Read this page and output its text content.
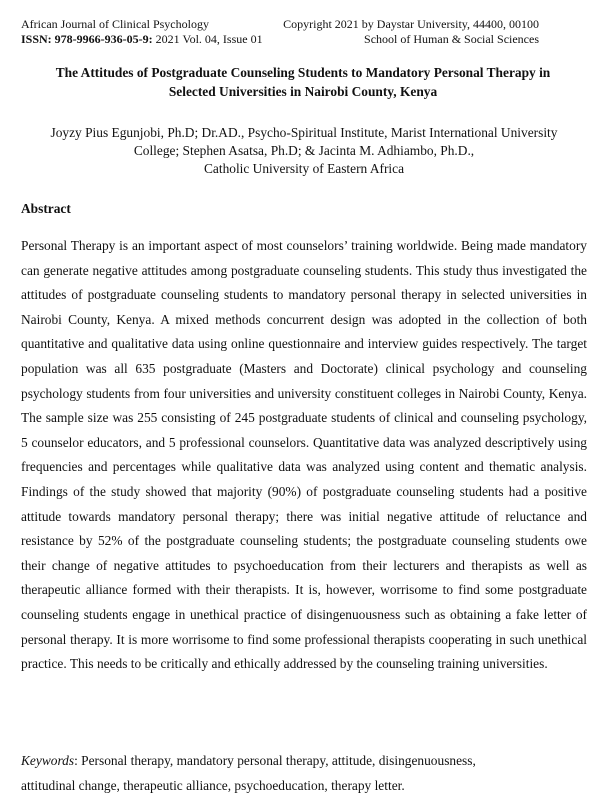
African Journal of Clinical Psychology	Copyright 2021 by Daystar University, 44400, 00100
ISSN: 978-9966-936-05-9: 2021 Vol. 04, Issue 01	School of Human & Social Sciences
The Attitudes of Postgraduate Counseling Students to Mandatory Personal Therapy in
Selected Universities in Nairobi County, Kenya
Joyzy Pius Egunjobi, Ph.D; Dr.AD., Psycho-Spiritual Institute, Marist International University
College; Stephen Asatsa, Ph.D; & Jacinta M. Adhiambo, Ph.D.,
Catholic University of Eastern Africa
Abstract

Personal Therapy is an important aspect of most counselors’ training worldwide. Being made mandatory can generate negative attitudes among postgraduate counseling students. This study thus investigated the attitudes of postgraduate counseling students to mandatory personal therapy in selected universities in Nairobi County, Kenya. A mixed methods concurrent design was adopted in the collection of both quantitative and qualitative data using online questionnaire and interview guides respectively. The target population was all 635 postgraduate (Masters and Doctorate) clinical psychology and counseling psychology students from four universities and university constituent colleges in Nairobi County, Kenya. The sample size was 255 consisting of 245 postgraduate students of clinical and counseling psychology, 5 counselor educators, and 5 professional counselors. Quantitative data was analyzed descriptively using frequencies and percentages while qualitative data was analyzed using content and thematic analysis. Findings of the study showed that majority (90%) of postgraduate counseling students had a positive attitude towards mandatory personal therapy; there was initial negative attitude of reluctance and resistance by 52% of the postgraduate counseling students; the postgraduate counseling students owe their change of negative attitudes to psychoeducation from their lecturers and therapists as well as therapeutic alliance formed with their therapists. It is, however, worrisome to find some postgraduate counseling students engage in unethical practice of disingenuousness such as obtaining a fake letter of personal therapy. It is more worrisome to find some professional therapists cooperating in such unethical practice. This needs to be critically and ethically addressed by the counseling training universities.

Keywords: Personal therapy, mandatory personal therapy, attitude, disingenuousness,
attitudinal change, therapeutic alliance, psychoeducation, therapy letter.
